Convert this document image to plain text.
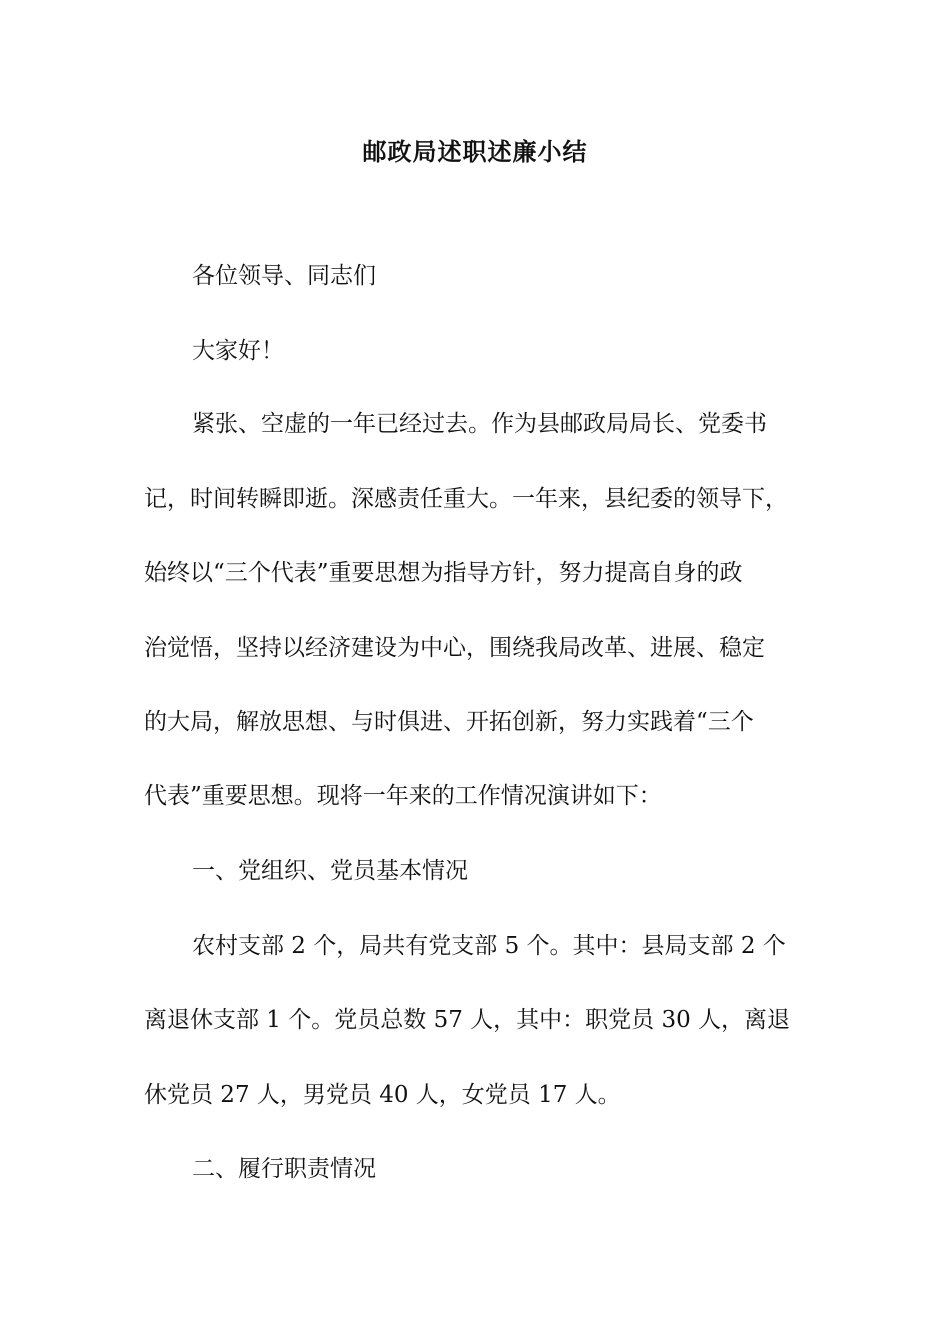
邮政局述职述廉小结
各位领导、同志们
大家好！
紧张、空虚的一年已经过去。作为县邮政局局长、党委书
记，时间转瞬即逝。深感责任重大。一年来，县纪委的领导下，
始终以“三个代表”重要思想为指导方针，努力提高自身的政
治觉悟，坚持以经济建设为中心，围绕我局改革、进展、稳定
的大局，解放思想、与时俱进、开拓创新，努力实践着“三个
代表”重要思想。现将一年来的工作情况演讲如下：
一、党组织、党员基本情况
农村支部 2 个，局共有党支部 5 个。其中：县局支部 2 个
离退休支部 1 个。党员总数 57 人，其中：职党员 30 人，离退
休党员 27 人，男党员 40 人，女党员 17 人。
二、履行职责情况
